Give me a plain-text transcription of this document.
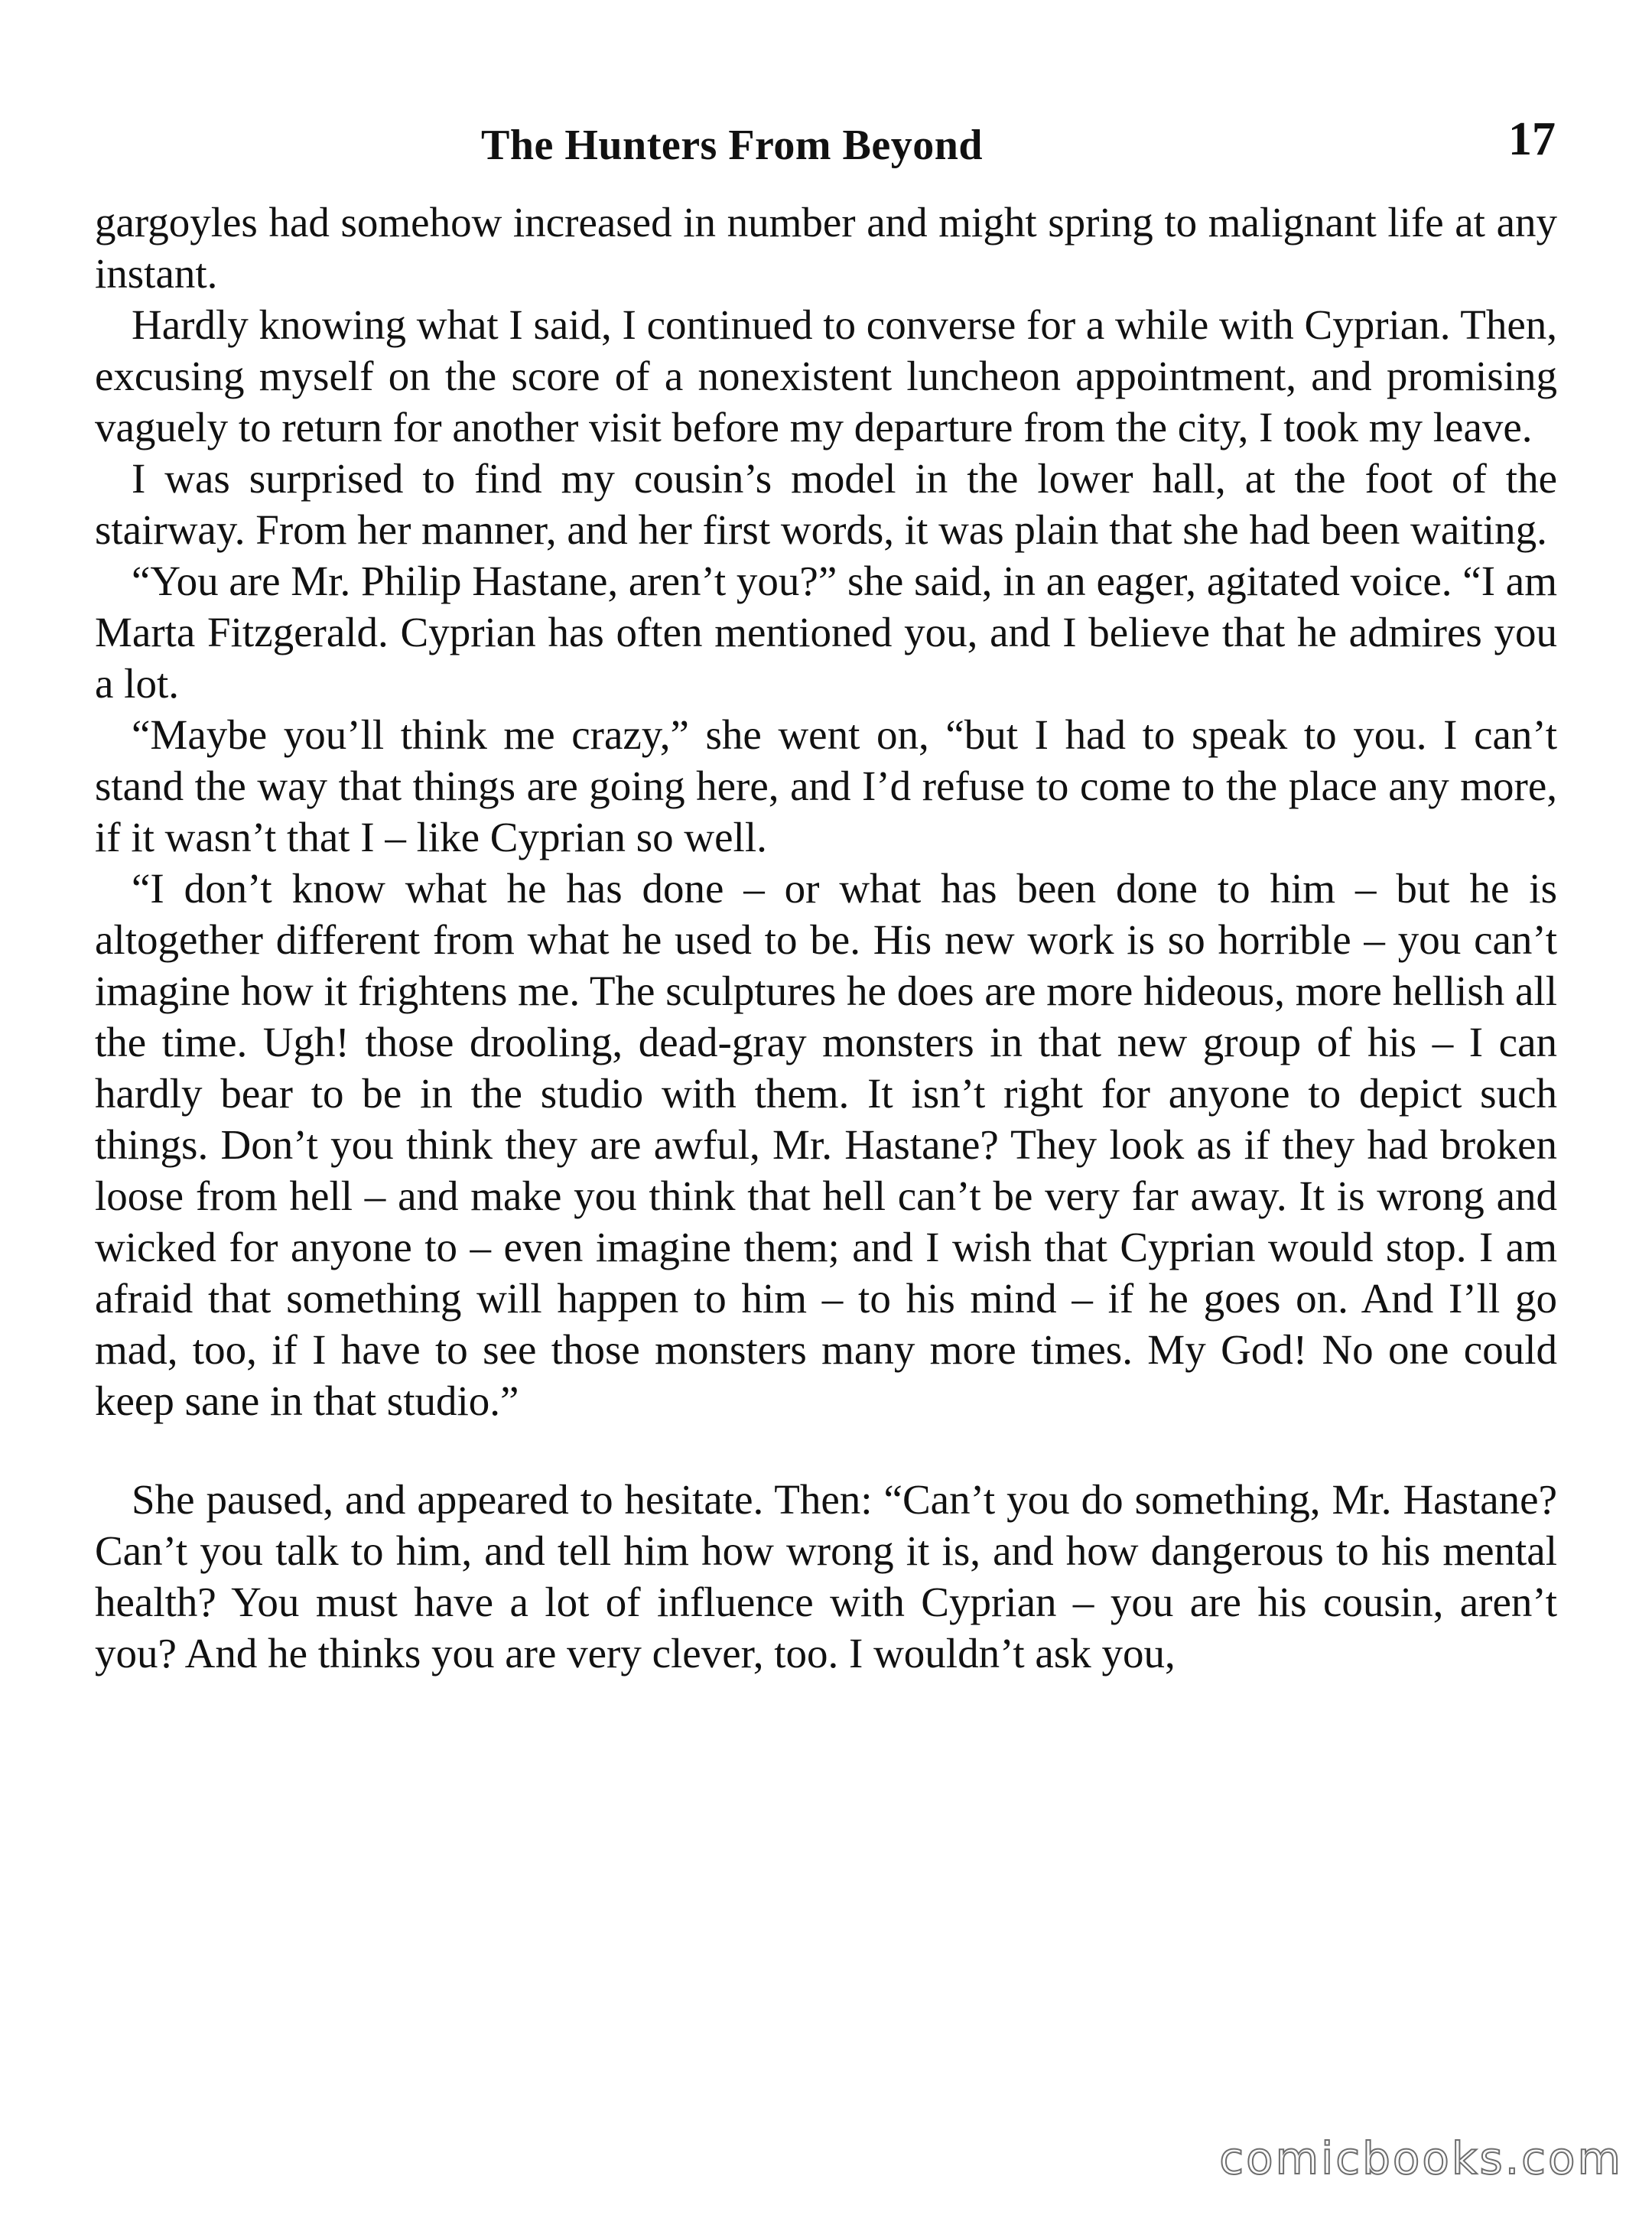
The Hunters From Beyond	17

gargoyles had somehow increased in number and might spring to malignant life at any instant.

Hardly knowing what I said, I continued to converse for a while with Cyprian. Then, excusing myself on the score of a nonexistent luncheon appointment, and promising vaguely to return for another visit before my departure from the city, I took my leave.

I was surprised to find my cousin’s model in the lower hall, at the foot of the stairway. From her manner, and her first words, it was plain that she had been waiting.

“You are Mr. Philip Hastane, aren’t you?” she said, in an eager, agitated voice. “I am Marta Fitzgerald. Cyprian has often mentioned you, and I believe that he admires you a lot.

“Maybe you’ll think me crazy,” she went on, “but I had to speak to you. I can’t stand the way that things are going here, and I’d refuse to come to the place any more, if it wasn’t that I – like Cyprian so well.

“I don’t know what he has done – or what has been done to him – but he is altogether different from what he used to be. His new work is so horrible – you can’t imagine how it frightens me. The sculptures he does are more hideous, more hellish all the time. Ugh! those drooling, dead-gray monsters in that new group of his – I can hardly bear to be in the studio with them. It isn’t right for anyone to depict such things. Don’t you think they are awful, Mr. Hastane? They look as if they had broken loose from hell – and make you think that hell can’t be very far away. It is wrong and wicked for anyone to – even imagine them; and I wish that Cyprian would stop. I am afraid that something will happen to him – to his mind – if he goes on. And I’ll go mad, too, if I have to see those monsters many more times. My God! No one could keep sane in that studio.”

She paused, and appeared to hesitate. Then: “Can’t you do something, Mr. Hastane? Can’t you talk to him, and tell him how wrong it is, and how dangerous to his mental health? You must have a lot of influence with Cyprian – you are his cousin, aren’t you? And he thinks you are very clever, too. I wouldn’t ask you,

comicbooks.com
